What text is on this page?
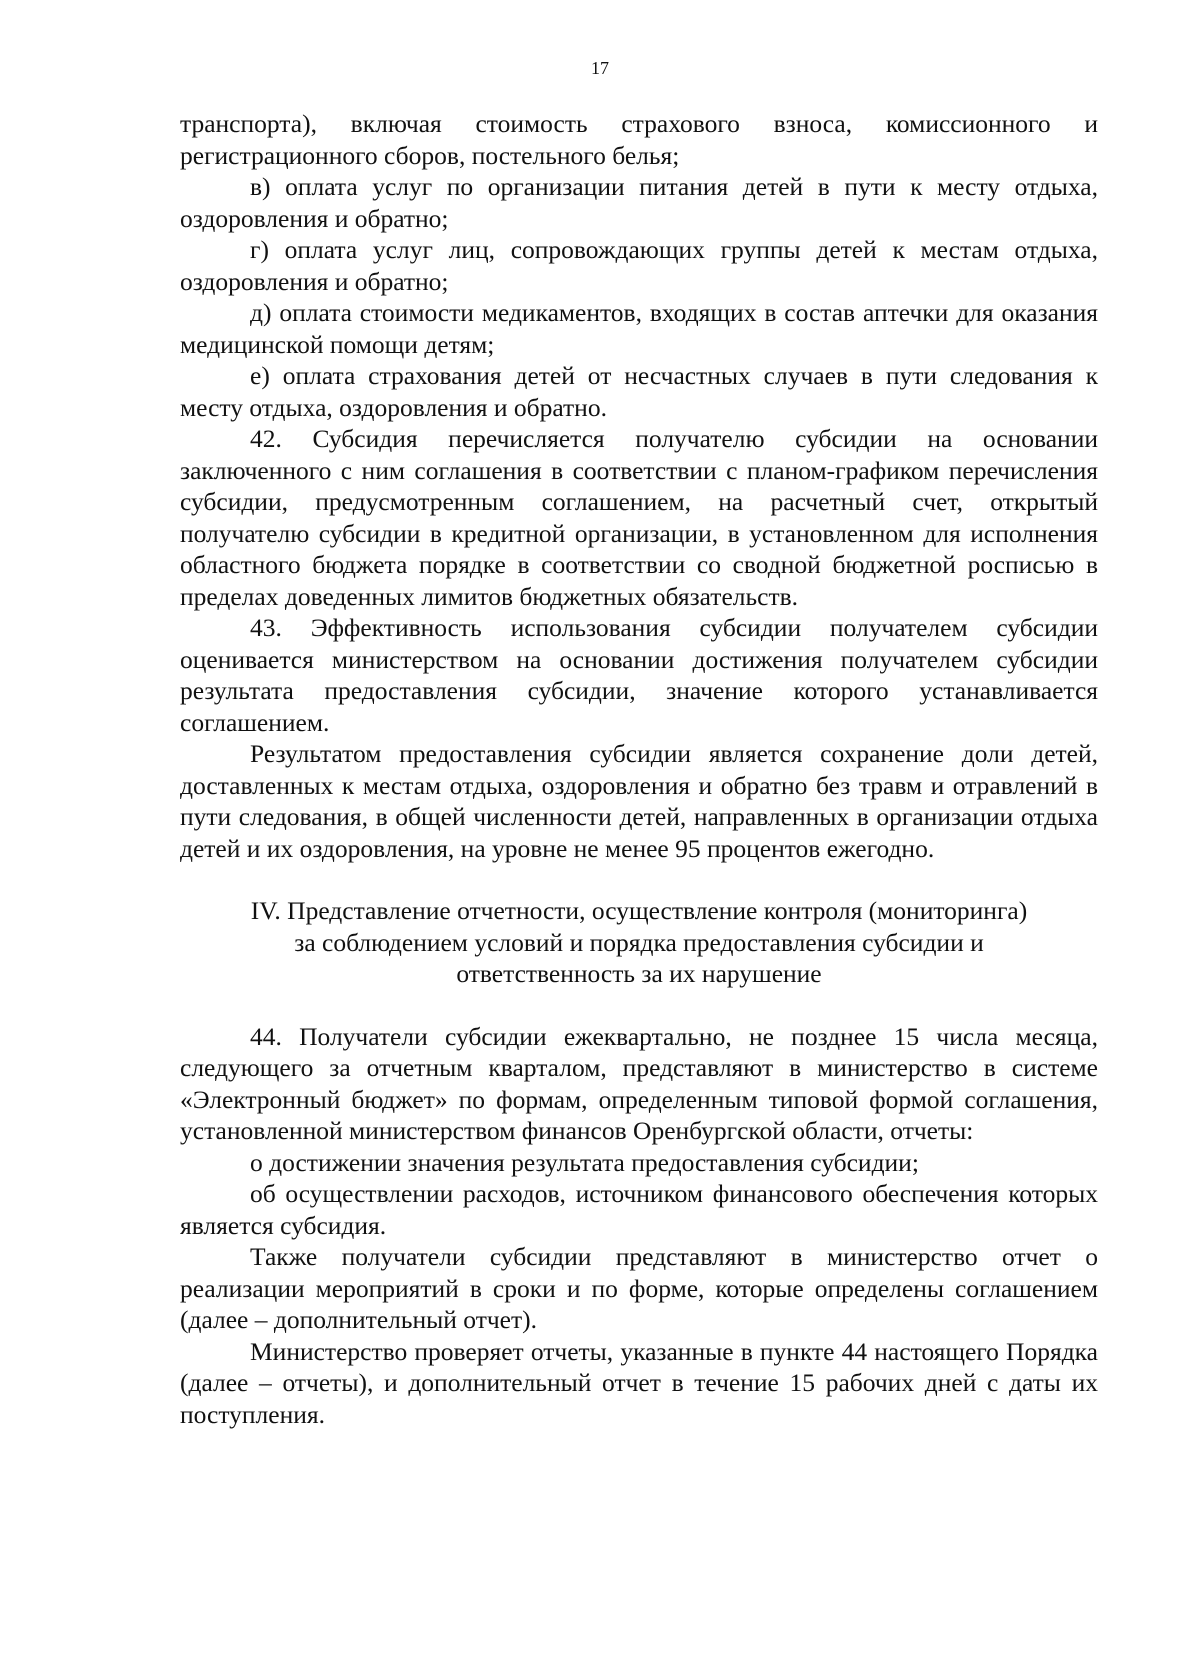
17

транспорта), включая стоимость страхового взноса, комиссионного и регистрационного сборов, постельного белья;

в) оплата услуг по организации питания детей в пути к месту отдыха, оздоровления и обратно;

г) оплата услуг лиц, сопровождающих группы детей к местам отдыха, оздоровления и обратно;

д) оплата стоимости медикаментов, входящих в состав аптечки для оказания медицинской помощи детям;

е) оплата страхования детей от несчастных случаев в пути следования к месту отдыха, оздоровления и обратно.

42. Субсидия перечисляется получателю субсидии на основании заключенного с ним соглашения в соответствии с планом-графиком перечисления субсидии, предусмотренным соглашением, на расчетный счет, открытый получателю субсидии в кредитной организации, в установленном для исполнения областного бюджета порядке в соответствии со сводной бюджетной росписью в пределах доведенных лимитов бюджетных обязательств.

43. Эффективность использования субсидии получателем субсидии оценивается министерством на основании достижения получателем субсидии результата предоставления субсидии, значение которого устанавливается соглашением.

Результатом предоставления субсидии является сохранение доли детей, доставленных к местам отдыха, оздоровления и обратно без травм и отравлений в пути следования, в общей численности детей, направленных в организации отдыха детей и их оздоровления, на уровне не менее 95 процентов ежегодно.

IV. Представление отчетности, осуществление контроля (мониторинга)

за соблюдением условий и порядка предоставления субсидии и

ответственность за их нарушение

44. Получатели субсидии ежеквартально, не позднее 15 числа месяца, следующего за отчетным кварталом, представляют в министерство в системе «Электронный бюджет» по формам, определенным типовой формой соглашения, установленной министерством финансов Оренбургской области, отчеты:

о достижении значения результата предоставления субсидии;

об осуществлении расходов, источником финансового обеспечения которых является субсидия.

Также получатели субсидии представляют в министерство отчет о реализации мероприятий в сроки и по форме, которые определены соглашением (далее – дополнительный отчет).

Министерство проверяет отчеты, указанные в пункте 44 настоящего Порядка (далее – отчеты), и дополнительный отчет в течение 15 рабочих дней с даты их поступления.
